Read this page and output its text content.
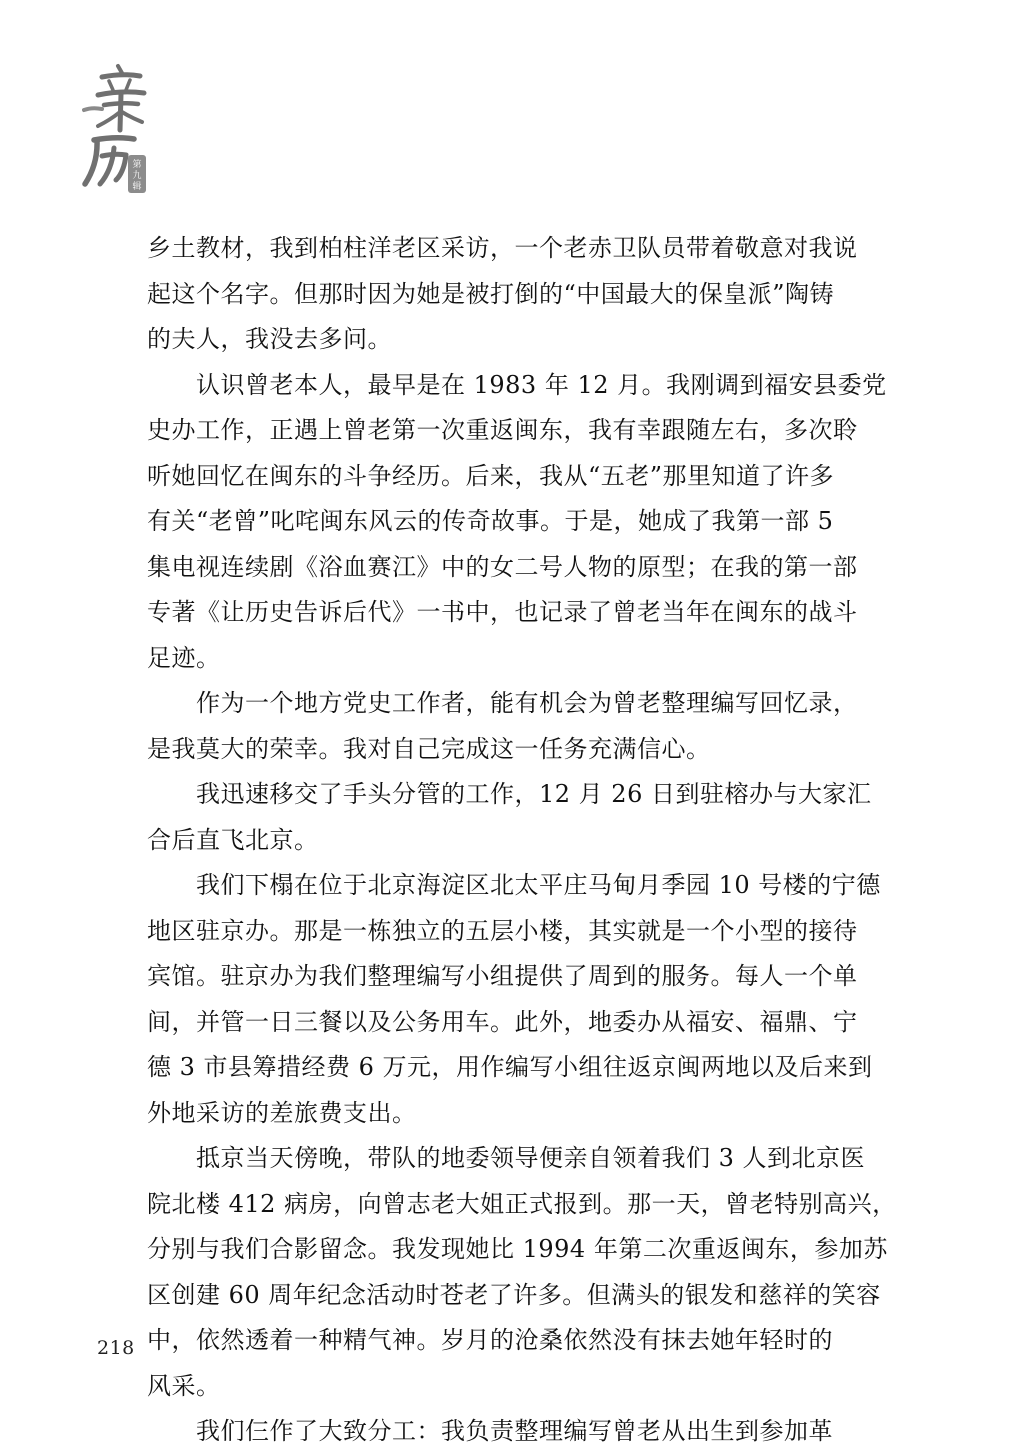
第
九
辑
乡土教材，我到柏柱洋老区采访，一个老赤卫队员带着敬意对我说
起这个名字。但那时因为她是被打倒的“中国最大的保皇派”陶铸
的夫人，我没去多问。
认识曾老本人，最早是在 1983 年 12 月。我刚调到福安县委党
史办工作，正遇上曾老第一次重返闽东，我有幸跟随左右，多次聆
听她回忆在闽东的斗争经历。后来，我从“五老”那里知道了许多
有关“老曾”叱咤闽东风云的传奇故事。于是，她成了我第一部 5
集电视连续剧《浴血赛江》中的女二号人物的原型；在我的第一部
专著《让历史告诉后代》一书中，也记录了曾老当年在闽东的战斗
足迹。
作为一个地方党史工作者，能有机会为曾老整理编写回忆录，
是我莫大的荣幸。我对自己完成这一任务充满信心。
我迅速移交了手头分管的工作，12 月 26 日到驻榕办与大家汇
合后直飞北京。
我们下榻在位于北京海淀区北太平庄马甸月季园 10 号楼的宁德
地区驻京办。那是一栋独立的五层小楼，其实就是一个小型的接待
宾馆。驻京办为我们整理编写小组提供了周到的服务。每人一个单
间，并管一日三餐以及公务用车。此外，地委办从福安、福鼎、宁
德 3 市县筹措经费 6 万元，用作编写小组往返京闽两地以及后来到
外地采访的差旅费支出。
抵京当天傍晚，带队的地委领导便亲自领着我们 3 人到北京医
院北楼 412 病房，向曾志老大姐正式报到。那一天，曾老特别高兴，
分别与我们合影留念。我发现她比 1994 年第二次重返闽东，参加苏
区创建 60 周年纪念活动时苍老了许多。但满头的银发和慈祥的笑容
中，依然透着一种精气神。岁月的沧桑依然没有抹去她年轻时的
风采。
我们仨作了大致分工：我负责整理编写曾老从出生到参加革
218
